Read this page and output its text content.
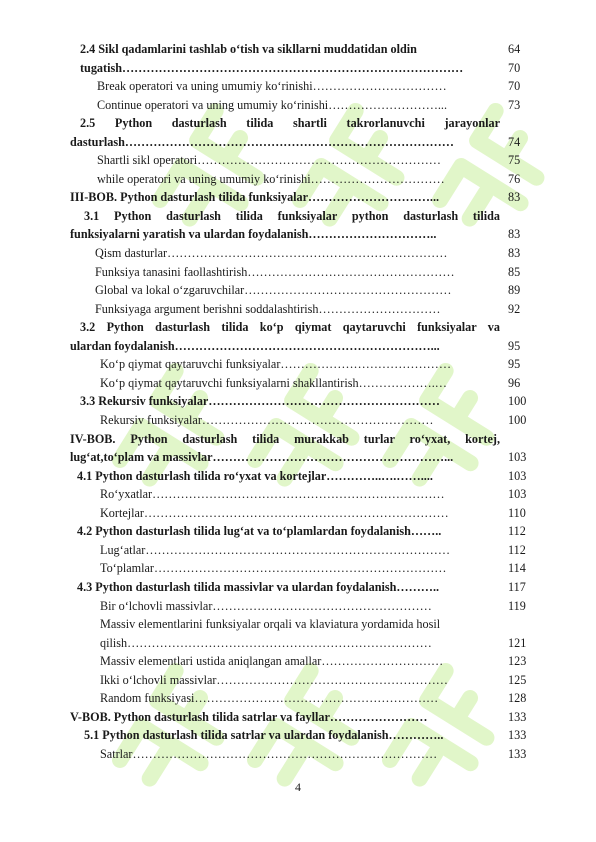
2.4 Sikl qadamlarini tashlab oʻtish va sikllarni muddatidan oldin	64
tugatish…………………………………………………………………………	70
Break operatori va uning umumiy koʻrinishi……………………………	70
Continue operatori va uning umumiy koʻrinishi………………………...	73
2.5 Python dasturlash tilida shartli takrorlanuvchi jarayonlar
dasturlash………………………………………………………………………	74
Shartli sikl operatori……………………………………………………	75
while operatori va uning umumiy koʻrinishi……………………………	76
III-BOB. Python dasturlash tilida funksiyalar…………………………...	83
3.1 Python dasturlash tilida funksiyalar python dasturlash tilida
funksiyalarni yaratish va ulardan foydalanish…………………………..	83
Qism dasturlar……………………………………………………………	83
Funksiya tanasini faollashtirish……………………………………………	85
Global va lokal oʻzgaruvchilar……………………………………………	89
Funksiyaga argument berishni soddalashtirish…………………………	92
3.2 Python dasturlash tilida koʻp qiymat qaytaruvchi funksiyalar va
ulardan foydalanish………………………………………………………...	95
Koʻp qiymat qaytaruvchi funksiyalar……………………………………	95
Koʻp qiymat qaytaruvchi funksiyalarni shakllantirish……………….…	96
3.3 Rekursiv funksiyalar…………………………………………………	100
Rekursiv funksiyalar…………………………………………………	100
IV-BOB. Python dasturlash tilida murakkab turlar roʻyxat, kortej,
lugʻat,toʻplam va massivlar…………………………………………………...	103
4.1 Python dasturlash tilida roʻyxat va kortejlar…………..….……....	103
Roʻyxatlar………………………………………………………………	103
Kortejlar…………………………………………………………………	110
4.2 Python dasturlash tilida lugʻat va toʻplamlardan foydalanish……..	112
Lugʻatlar…………………………………………………………………	112
Toʻplamlar………………………………………………………………	114
4.3 Python dasturlash tilida massivlar va ulardan foydalanish………..	117
Bir oʻlchovli massivlar………………………………………………	119
Massiv elementlarini funksiyalar orqali va klaviatura yordamida hosil
qilish…………………………………………………………………	121
Massiv elementlari ustida aniqlangan amallar…………………………	123
Ikki oʻlchovli massivlar…………………………………………………	125
Random funksiyasi……………………………………………………	128
V-BOB. Python dasturlash tilida satrlar va fayllar……………………	133
5.1 Python dasturlash tilida satrlar va ulardan foydalanish…………..	133
Satrlar…………………………………………………………………	133
4
